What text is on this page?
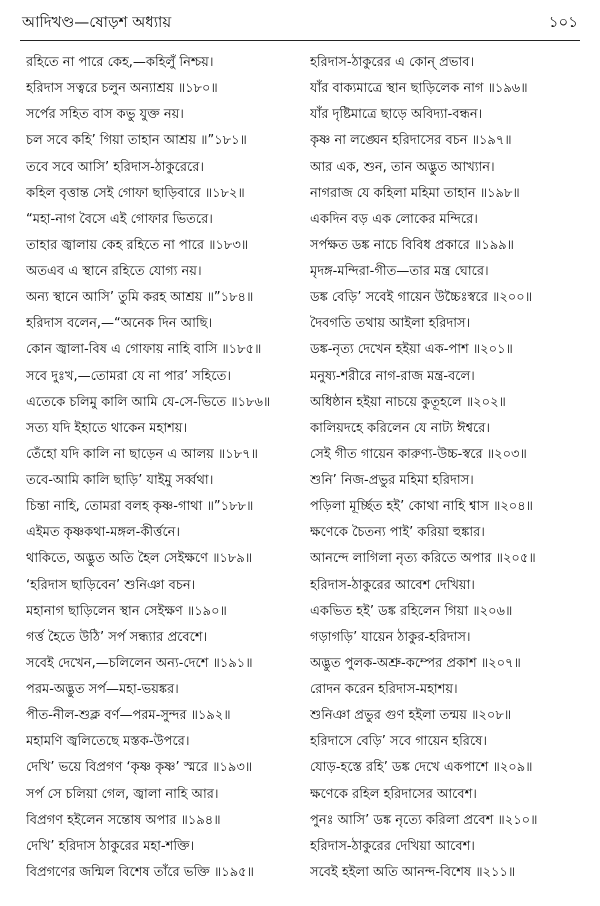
আদিখণ্ড—ষোড়শ অধ্যায়	১০১
রহিতে না পারে কেহ,—কহিলুঁ নিশ্চয়।
হরিদাস সত্বরে চলুন অন্যাশ্রয় ॥১৮০॥
সর্পের সহিত বাস কভু যুক্ত নয়।
চল সবে কহি’ গিয়া তাহান আশ্রয় ॥”১৮১॥
তবে সবে আসি’ হরিদাস-ঠাকুরেরে।
কহিল বৃত্তান্ত সেই গোফা ছাড়িবারে ॥১৮২॥
“মহা-নাগ বৈসে এই গোফার ভিতরে।
তাহার জ্বালায় কেহ রহিতে না পারে ॥১৮৩॥
অতএব এ স্থানে রহিতে যোগ্য নয়।
অন্য স্থানে আসি’ তুমি করহ আশ্রয় ॥”১৮৪॥
হরিদাস বলেন,—“অনেক দিন আছি।
কোন জ্বালা-বিষ এ গোফায় নাহি বাসি ॥১৮৫॥
সবে দুঃখ,—তোমরা যে না পার’ সহিতে।
এতেকে চলিমু কালি আমি যে-সে-ভিতে ॥১৮৬॥
সত্য যদি ইহাতে থাকেন মহাশয়।
তেঁহো যদি কালি না ছাড়েন এ আলয় ॥১৮৭॥
তবে-আমি কালি ছাড়ি’ যাইমু সর্ব্বথা।
চিন্তা নাহি, তোমরা বলহ কৃষ্ণ-গাথা ॥”১৮৮॥
এইমত কৃষ্ণকথা-মঙ্গল-কীর্ত্তনে।
থাকিতে, অদ্ভুত অতি হৈল সেইক্ষণে ॥১৮৯॥
‘হরিদাস ছাড়িবেন’ শুনিঞা বচন।
মহানাগ ছাড়িলেন স্থান সেইক্ষণ ॥১৯০॥
গর্ত্ত হৈতে উঠি’ সর্প সন্ধ্যার প্রবেশে।
সবেই দেখেন,—চলিলেন অন্য-দেশে ॥১৯১॥
পরম-অদ্ভুত সর্প—মহা-ভয়ঙ্কর।
পীত-নীল-শুক্ল বর্ণ—পরম-সুন্দর ॥১৯২॥
মহামণি জ্বলিতেছে মস্তক-উপরে।
দেখি’ ভয়ে বিপ্রগণ ‘কৃষ্ণ কৃষ্ণ’ স্মরে ॥১৯৩॥
সর্প সে চলিয়া গেল, জ্বালা নাহি আর।
বিপ্রগণ হইলেন সন্তোষ অপার ॥১৯৪॥
দেখি’ হরিদাস ঠাকুরের মহা-শক্তি।
বিপ্রগণের জন্মিল বিশেষ তাঁরে ভক্তি ॥১৯৫॥
হরিদাস-ঠাকুরের এ কোন্ প্রভাব।
যাঁর বাক্যমাত্রে স্থান ছাড়িলেক নাগ ॥১৯৬॥
যাঁর দৃষ্টিমাত্রে ছাড়ে অবিদ্যা-বন্ধন।
কৃষ্ণ না লঙ্ঘেন হরিদাসের বচন ॥১৯৭॥
আর এক, শুন, তান অদ্ভুত আখ্যান।
নাগরাজ যে কহিলা মহিমা তাহান ॥১৯৮॥
একদিন বড় এক লোকের মন্দিরে।
সর্পক্ষত ডঙ্ক নাচে বিবিধ প্রকারে ॥১৯৯॥
মৃদঙ্গ-মন্দিরা-গীত—তার মন্ত্র ঘোরে।
ডঙ্ক বেড়ি’ সবেই গায়েন উচ্চৈঃস্বরে ॥২০০॥
দৈবগতি তথায় আইলা হরিদাস।
ডঙ্ক-নৃত্য দেখেন হইয়া এক-পাশ ॥২০১॥
মনুষ্য-শরীরে নাগ-রাজ মন্ত্র-বলে।
অধিষ্ঠান হইয়া নাচয়ে কুতূহলে ॥২০২॥
কালিয়দহে করিলেন যে নাট্য ঈশ্বরে।
সেই গীত গায়েন কারুণ্য-উচ্চ-স্বরে ॥২০৩॥
শুনি’ নিজ-প্রভুর মহিমা হরিদাস।
পড়িলা মূর্চ্ছিত হই’ কোথা নাহি শ্বাস ॥২০৪॥
ক্ষণেকে চৈতন্য পাই’ করিয়া হুঙ্কার।
আনন্দে লাগিলা নৃত্য করিতে অপার ॥২০৫॥
হরিদাস-ঠাকুরের আবেশ দেখিয়া।
একভিত হই’ ডঙ্ক রহিলেন গিয়া ॥২০৬॥
গড়াগড়ি’ যায়েন ঠাকুর-হরিদাস।
অদ্ভুত পুলক-অশ্রু-কম্পের প্রকাশ ॥২০৭॥
রোদন করেন হরিদাস-মহাশয়।
শুনিঞা প্রভুর গুণ হইলা তন্ময় ॥২০৮॥
হরিদাসে বেড়ি’ সবে গায়েন হরিষে।
যোড়-হস্তে রহি’ ডঙ্ক দেখে একপাশে ॥২০৯॥
ক্ষণেকে রহিল হরিদাসের আবেশ।
পুনঃ আসি’ ডঙ্ক নৃত্যে করিলা প্রবেশ ॥২১০॥
হরিদাস-ঠাকুরের দেখিয়া আবেশ।
সবেই হইলা অতি আনন্দ-বিশেষ ॥২১১॥
